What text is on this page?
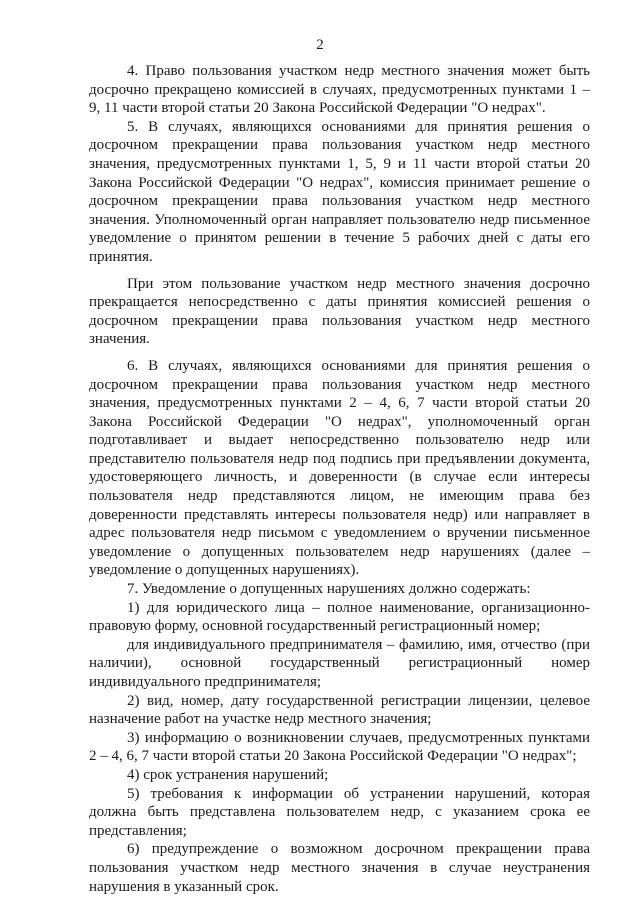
2

4. Право пользования участком недр местного значения может быть досрочно прекращено комиссией в случаях, предусмотренных пунктами 1 – 9, 11 части второй статьи 20 Закона Российской Федерации "О недрах".

5. В случаях, являющихся основаниями для принятия решения о досрочном прекращении права пользования участком недр местного значения, предусмотренных пунктами 1, 5, 9 и 11 части второй статьи 20 Закона Российской Федерации "О недрах", комиссия принимает решение о досрочном прекращении права пользования участком недр местного значения. Уполномоченный орган направляет пользователю недр письменное уведомление о принятом решении в течение 5 рабочих дней с даты его принятия.

При этом пользование участком недр местного значения досрочно прекращается непосредственно с даты принятия комиссией решения о досрочном прекращении права пользования участком недр местного значения.

6. В случаях, являющихся основаниями для принятия решения о досрочном прекращении права пользования участком недр местного значения, предусмотренных пунктами 2 – 4, 6, 7 части второй статьи 20 Закона Российской Федерации "О недрах", уполномоченный орган подготавливает и выдает непосредственно пользователю недр или представителю пользователя недр под подпись при предъявлении документа, удостоверяющего личность, и доверенности (в случае если интересы пользователя недр представляются лицом, не имеющим права без доверенности представлять интересы пользователя недр) или направляет в адрес пользователя недр письмом с уведомлением о вручении письменное уведомление о допущенных пользователем недр нарушениях (далее – уведомление о допущенных нарушениях).

7. Уведомление о допущенных нарушениях должно содержать:

1) для юридического лица – полное наименование, организационно-правовую форму, основной государственный регистрационный номер;

для индивидуального предпринимателя – фамилию, имя, отчество (при наличии), основной государственный регистрационный номер индивидуального предпринимателя;

2) вид, номер, дату государственной регистрации лицензии, целевое назначение работ на участке недр местного значения;

3) информацию о возникновении случаев, предусмотренных пунктами 2 – 4, 6, 7 части второй статьи 20 Закона Российской Федерации "О недрах";

4) срок устранения нарушений;

5) требования к информации об устранении нарушений, которая должна быть представлена пользователем недр, с указанием срока ее представления;

6) предупреждение о возможном досрочном прекращении права пользования участком недр местного значения в случае неустранения нарушения в указанный срок.
